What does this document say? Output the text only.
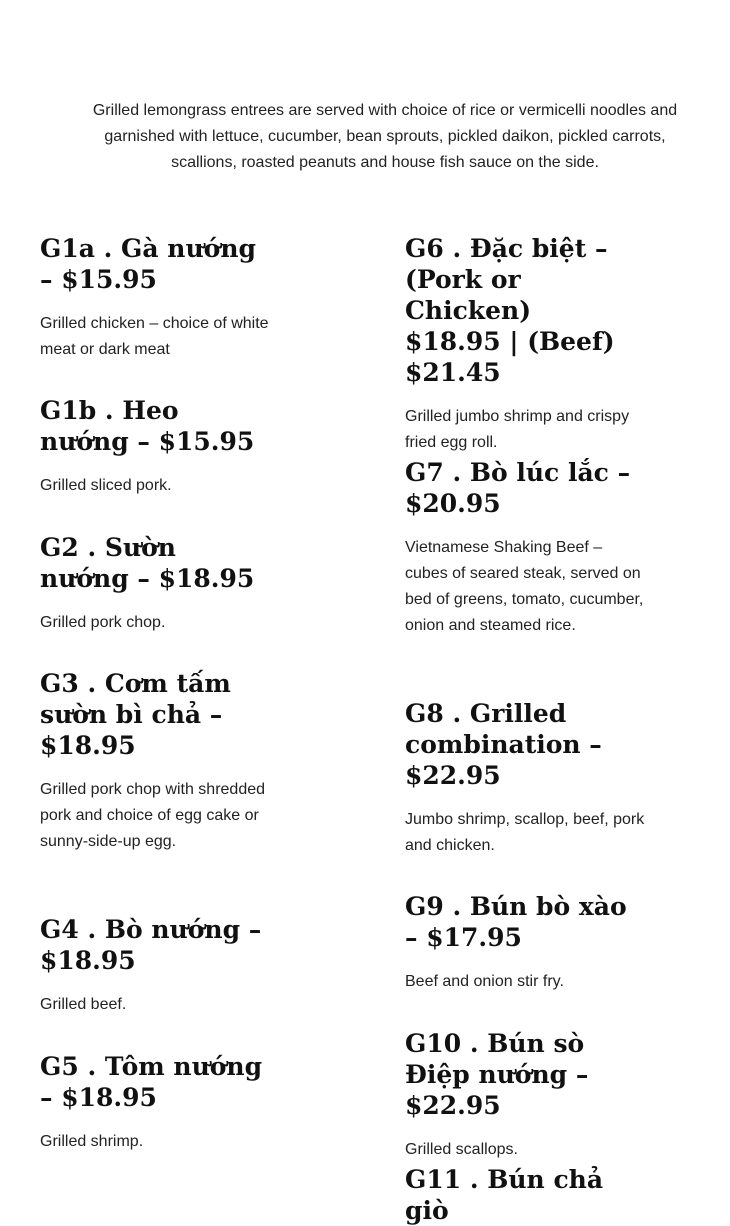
Grilled lemongrass entrees are served with choice of rice or vermicelli noodles and garnished with lettuce, cucumber, bean sprouts, pickled daikon, pickled carrots, scallions, roasted peanuts and house fish sauce on the side.

G1a . Gà nướng – $15.95

Grilled chicken – choice of white meat or dark meat

G1b . Heo nướng – $15.95

Grilled sliced pork.

G2 . Sườn nướng – $18.95

Grilled pork chop.

G3 . Cơm tấm sườn bì chả – $18.95

Grilled pork chop with shredded pork and choice of egg cake or sunny-side-up egg.

G4 . Bò nướng – $18.95

Grilled beef.

G5 . Tôm nướng – $18.95

Grilled shrimp.

G6 . Đặc biệt –
(Pork or Chicken)
$18.95 | (Beef)
$21.45

Grilled jumbo shrimp and crispy fried egg roll.

G7 . Bò lúc lắc – $20.95

Vietnamese Shaking Beef – cubes of seared steak, served on bed of greens, tomato, cucumber, onion and steamed rice.

G8 . Grilled combination – $22.95

Jumbo shrimp, scallop, beef, pork and chicken.

G9 . Bún bò xào – $17.95

Beef and onion stir fry.

G10 . Bún sò Điệp nướng – $22.95

Grilled scallops.

G11 . Bún chả giò
